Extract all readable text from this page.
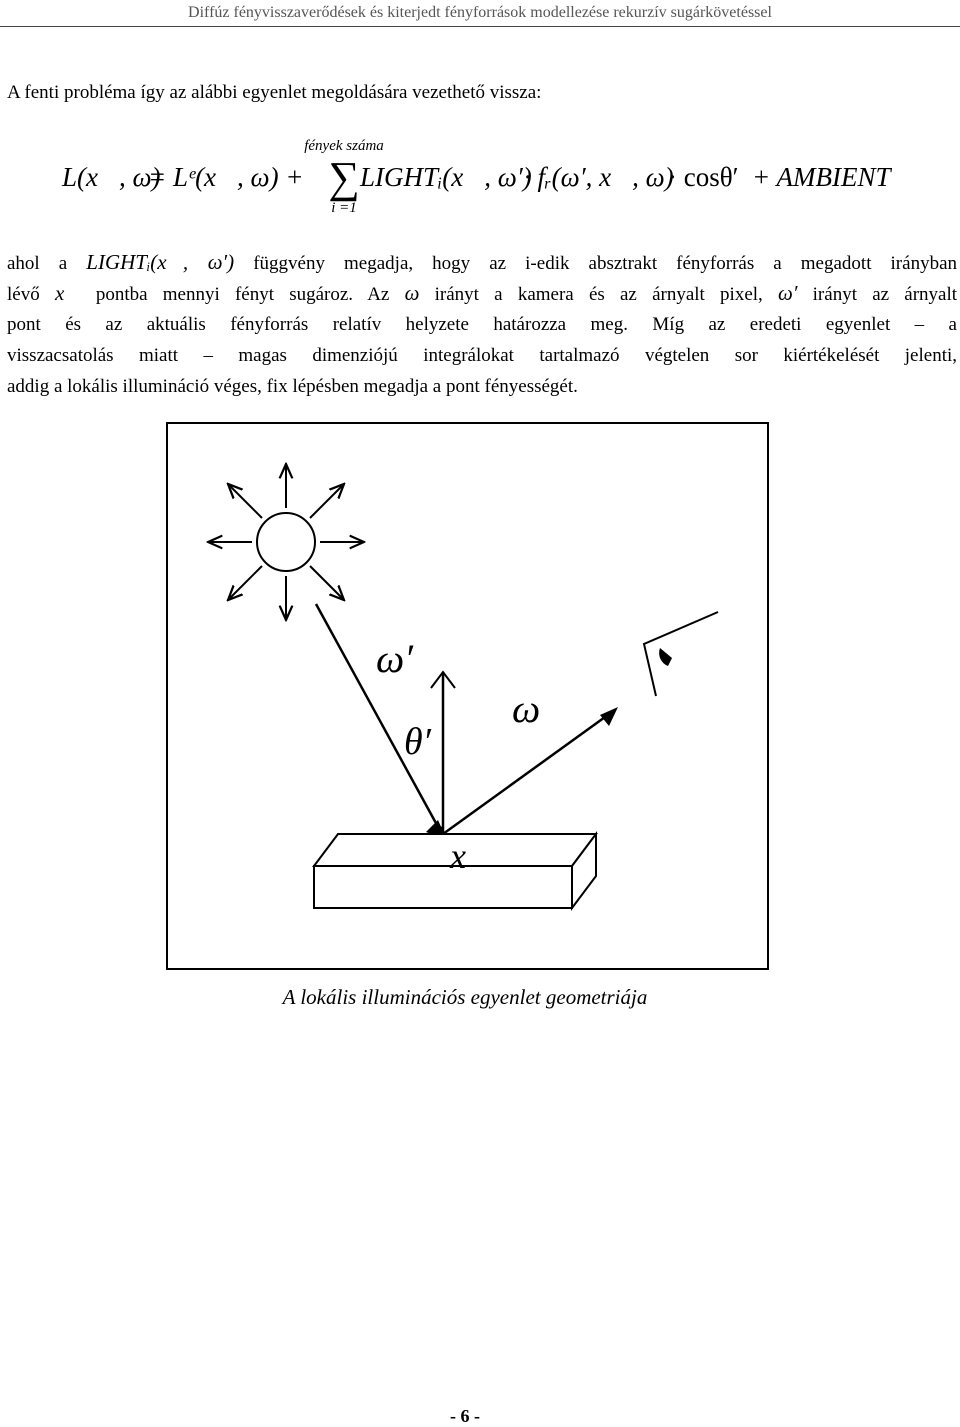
Diffúz fényvisszaverődések és kiterjedt fényforrások modellezése rekurzív sugárkövetéssel
A fenti probléma így az alábbi egyenlet megoldására vezethető vissza:
fények száma
L(x⃗, ω)
= Lᵉ(x⃗, ω) + ∑ LIGHTᵢ(x⃗, ω′)
· fᵣ(ω′, x⃗, ω)
· cosθ′ + AMBIENT
i =1
ahol a LIGHTᵢ(x⃗, ω′) függvény megadja, hogy az i-edik absztrakt fényforrás a megadott irányban
lévő x⃗ pontba mennyi fényt sugároz. Az ω irányt a kamera és az árnyalt pixel, ω′ irányt az árnyalt
pont és az aktuális fényforrás relatív helyzete határozza meg. Míg az eredeti egyenlet – a
visszacsatolás miatt – magas dimenziójú integrálokat tartalmazó végtelen sor kiértékelését jelenti,
addig a lokális illumináció véges, fix lépésben megadja a pont fényességét.
ω′
θ′
ω
x⃗
A lokális illuminációs egyenlet geometriája
- 6 -
